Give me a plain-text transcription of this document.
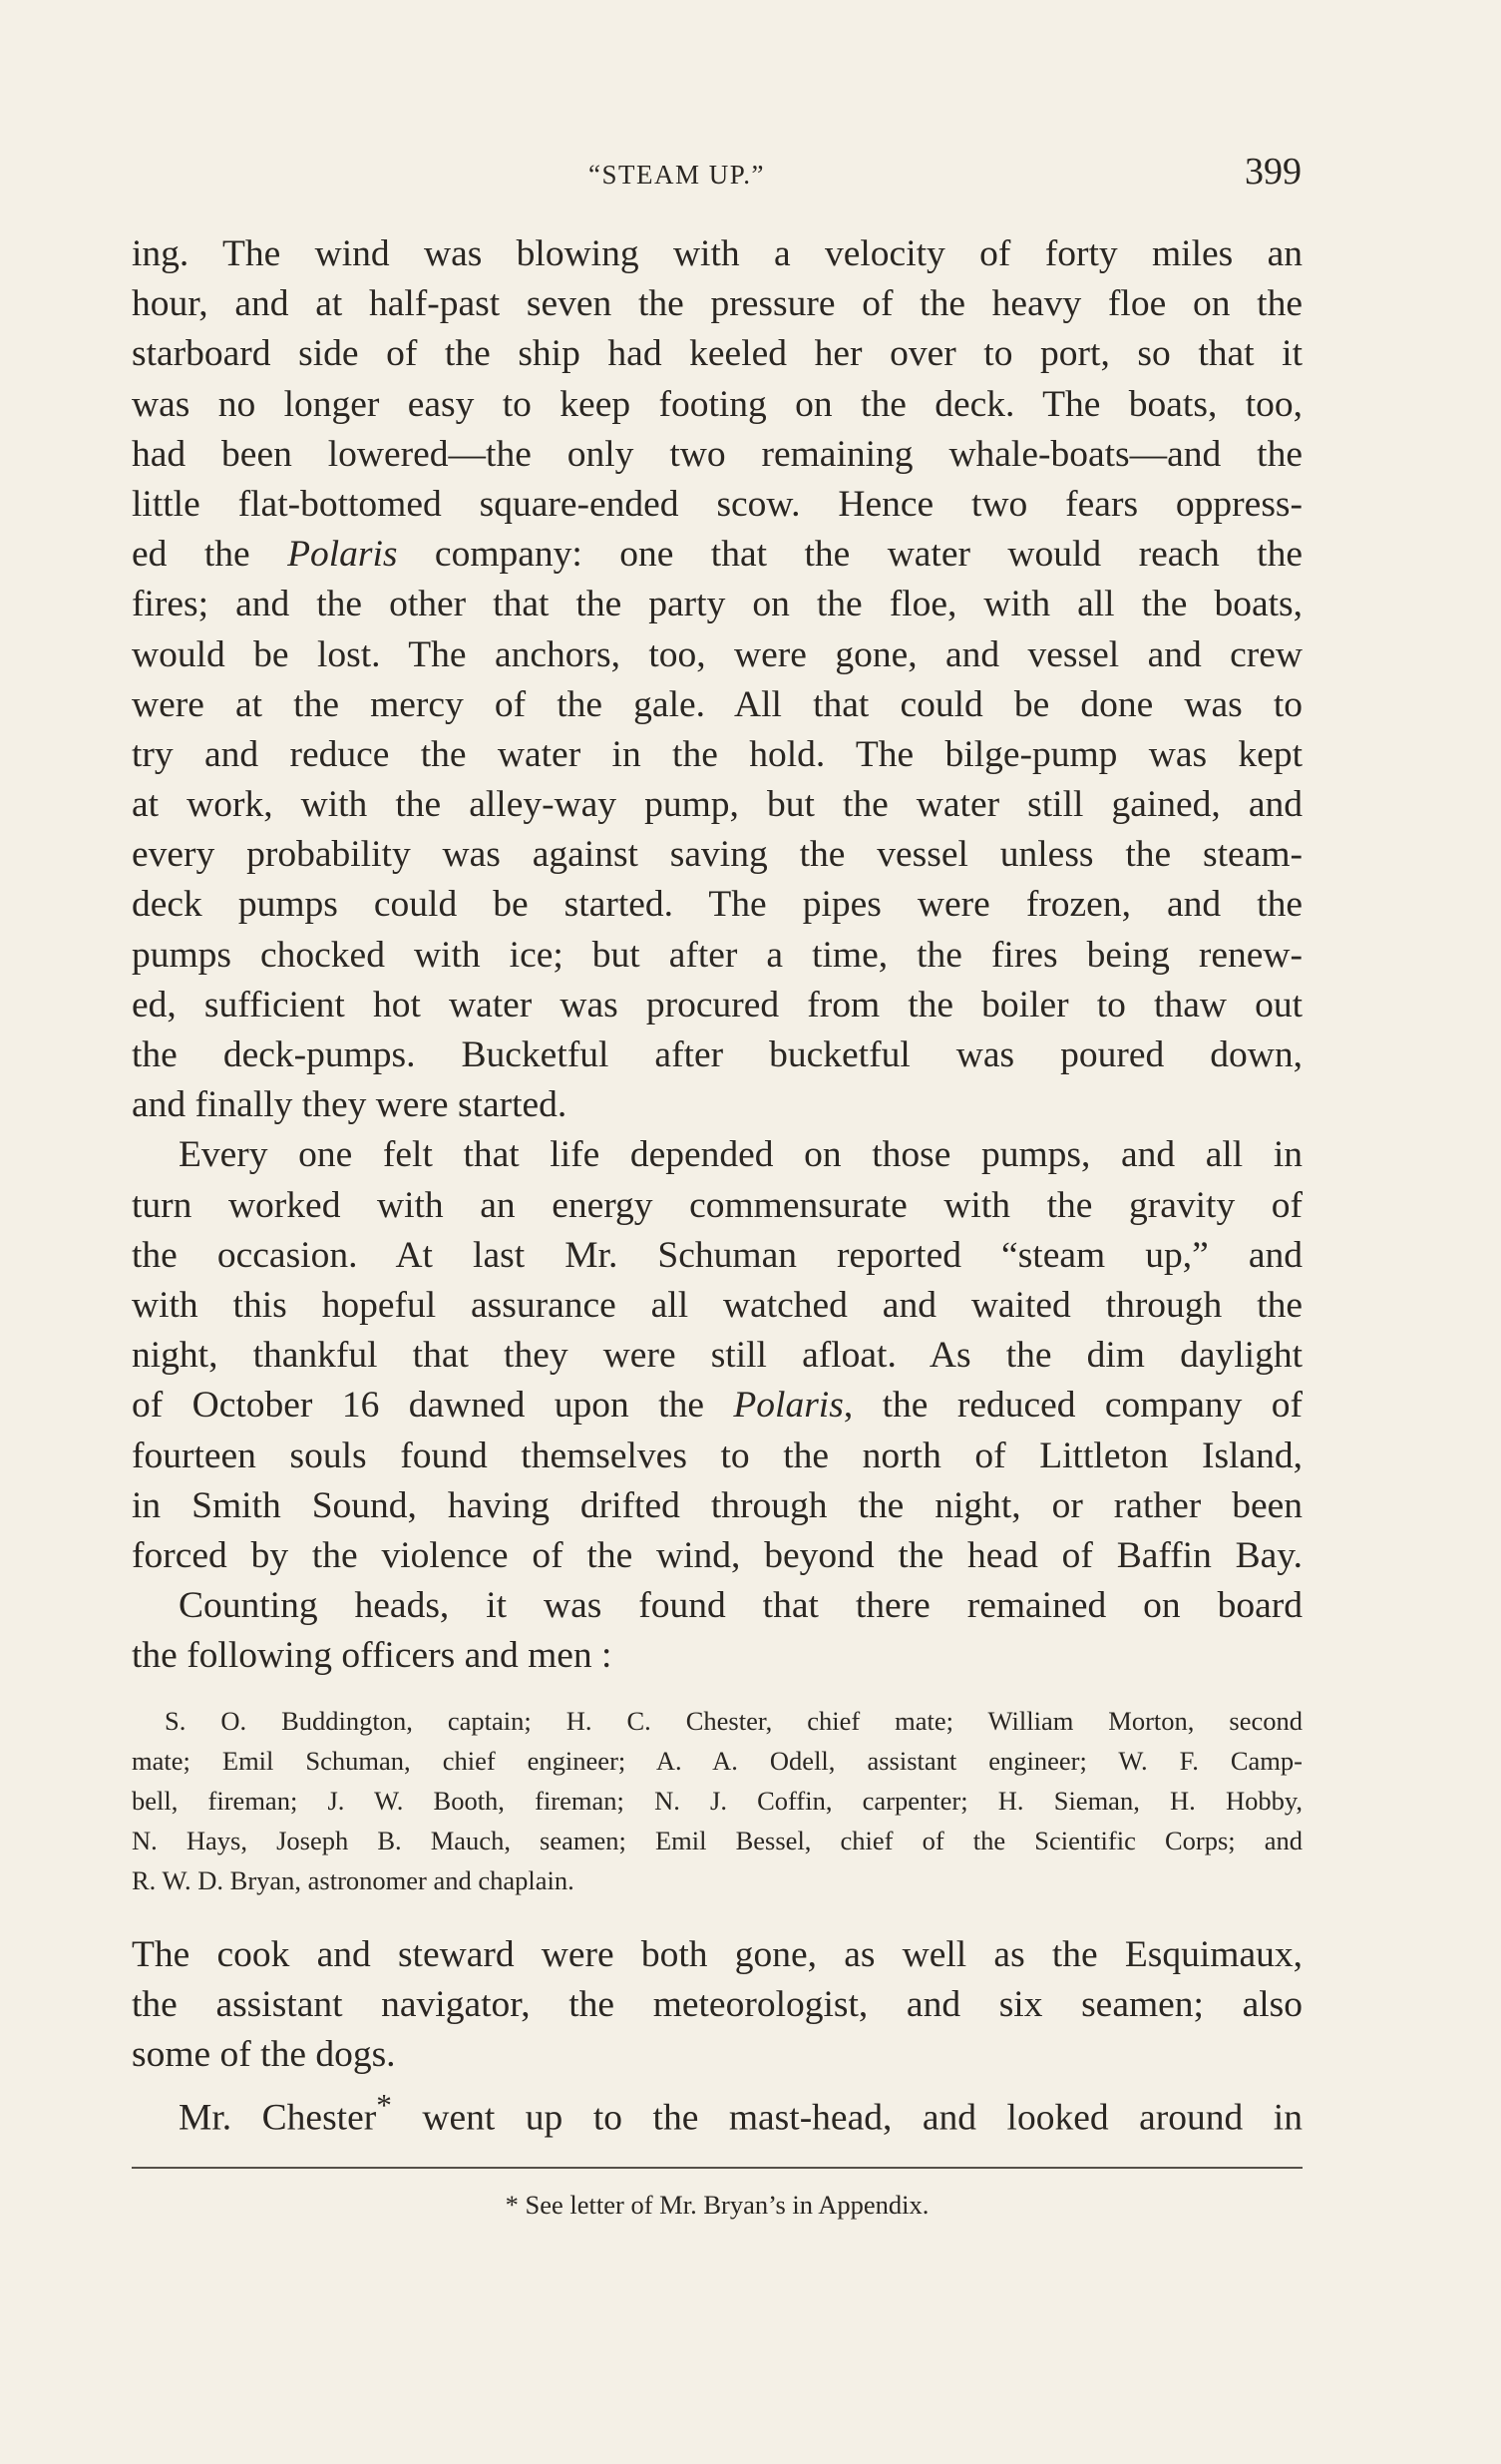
“STEAM UP.”	399
ing. The wind was blowing with a velocity of forty miles an
hour, and at half-past seven the pressure of the heavy floe on the
starboard side of the ship had keeled her over to port, so that it
was no longer easy to keep footing on the deck. The boats, too,
had been lowered—the only two remaining whale-boats—and the
little flat-bottomed square-ended scow. Hence two fears oppress-
ed the Polaris company: one that the water would reach the
fires; and the other that the party on the floe, with all the boats,
would be lost. The anchors, too, were gone, and vessel and crew
were at the mercy of the gale. All that could be done was to
try and reduce the water in the hold. The bilge-pump was kept
at work, with the alley-way pump, but the water still gained, and
every probability was against saving the vessel unless the steam-
deck pumps could be started. The pipes were frozen, and the
pumps chocked with ice; but after a time, the fires being renew-
ed, sufficient hot water was procured from the boiler to thaw out
the deck-pumps. Bucketful after bucketful was poured down,
and finally they were started.
Every one felt that life depended on those pumps, and all in
turn worked with an energy commensurate with the gravity of
the occasion. At last Mr. Schuman reported “steam up,” and
with this hopeful assurance all watched and waited through the
night, thankful that they were still afloat. As the dim daylight
of October 16 dawned upon the Polaris, the reduced company of
fourteen souls found themselves to the north of Littleton Island,
in Smith Sound, having drifted through the night, or rather been
forced by the violence of the wind, beyond the head of Baffin Bay.
Counting heads, it was found that there remained on board
the following officers and men :
S. O. Buddington, captain; H. C. Chester, chief mate; William Morton, second
mate; Emil Schuman, chief engineer; A. A. Odell, assistant engineer; W. F. Camp-
bell, fireman; J. W. Booth, fireman; N. J. Coffin, carpenter; H. Sieman, H. Hobby,
N. Hays, Joseph B. Mauch, seamen; Emil Bessel, chief of the Scientific Corps; and
R. W. D. Bryan, astronomer and chaplain.
The cook and steward were both gone, as well as the Esquimaux,
the assistant navigator, the meteorologist, and six seamen; also
some of the dogs.
Mr. Chester* went up to the mast-head, and looked around in
* See letter of Mr. Bryan’s in Appendix.
